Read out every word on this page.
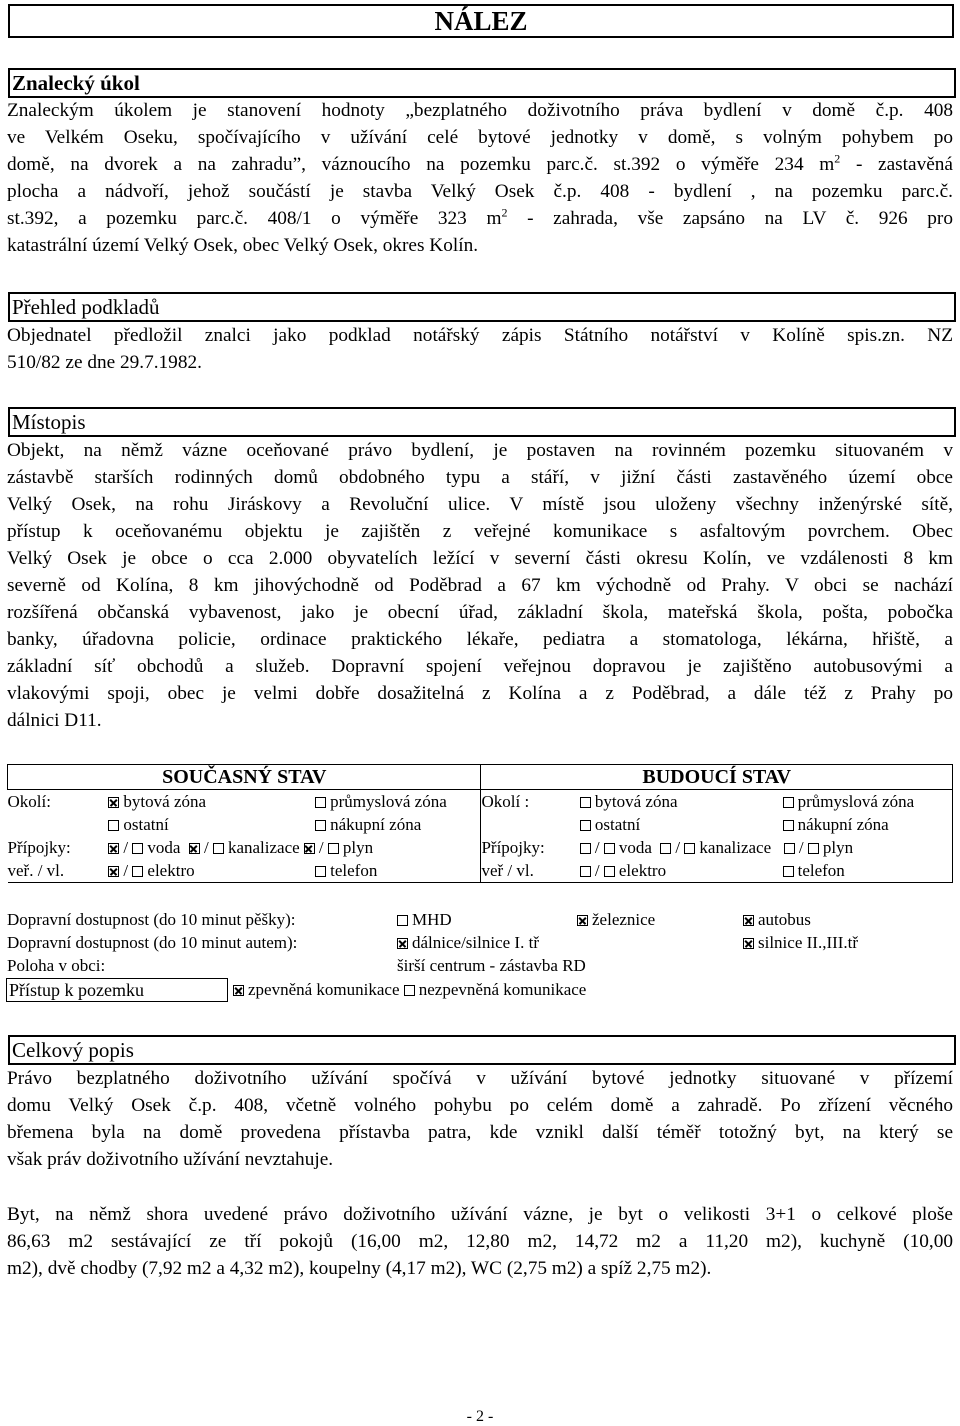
NÁLEZ
Znalecký úkol
Znaleckým úkolem je stanovení hodnoty „bezplatného doživotního práva bydlení v domě č.p. 408
ve Velkém Oseku, spočívajícího v užívání celé bytové jednotky v domě, s volným pohybem po
domě, na dvorek a na zahradu”, váznoucího na pozemku parc.č. st.392 o výměře 234 $m^2$ - zastavěná
plocha a nádvoří, jehož součástí je stavba Velký Osek č.p. 408 - bydlení , na pozemku parc.č.
st.392, a pozemku parc.č. 408/1 o výměře 323 $m^2$ - zahrada, vše zapsáno na LV č. 926 pro
katastrální území Velký Osek, obec Velký Osek, okres Kolín.
Přehled podkladů
Objednatel předložil znalci jako podklad notářský zápis Státního notářství v Kolíně spis.zn. NZ
510/82 ze dne 29.7.1982.
Místopis
Objekt, na němž vázne oceňované právo bydlení, je postaven na rovinném pozemku situovaném v
zástavbě starších rodinných domů obdobného typu a stáří, v jižní části zastavěného území obce
Velký Osek, na rohu Jiráskovy a Revoluční ulice. V místě jsou uloženy všechny inženýrské sítě,
přístup k oceňovanému objektu je zajištěn z veřejné komunikace s asfaltovým povrchem. Obec
Velký Osek je obce o cca 2.000 obyvatelích ležící v severní části okresu Kolín, ve vzdálenosti 8 km
severně od Kolína, 8 km jihovýchodně od Poděbrad a 67 km východně od Prahy. V obci se nachází
rozšířená občanská vybavenost, jako je obecní úřad, základní škola, mateřská škola, pošta, pobočka
banky, úřadovna policie, ordinace praktického lékaře, pediatra a stomatologa, lékárna, hřiště, a
základní síť obchodů a služeb. Dopravní spojení veřejnou dopravou je zajištěno autobusovými a
vlakovými spoji, obec je velmi dobře dosažitelná z Kolína a z Poděbrad, a dále též z Prahy po
dálnici D11.
SOUČASNÝ STAV			BUDOUCÍ STAV		
Okolí:	bytová zóna	průmyslová zóna	Okolí :	bytová zóna	průmyslová zóna
	ostatní	nákupní zóna		ostatní	nákupní zóna
Přípojky:	/ voda / kanalizace / plyn		Přípojky:	/ voda / kanalizace / plyn	
veř. / vl.	/ elektro	telefon	veř / vl.	/ elektro	telefon
Dopravní dostupnost (do 10 minut pěšky):	MHD	železnice	autobus
Dopravní dostupnost (do 10 minut autem):	dálnice/silnice I. tř	silnice II.,III.tř
Poloha v obci:	širší centrum - zástavba RD
Přístup k pozemku	zpevněná komunikace nezpevněná komunikace
Celkový popis
Právo bezplatného doživotního užívání spočívá v užívání bytové jednotky situované v přízemí
domu Velký Osek č.p. 408, včetně volného pohybu po celém domě a zahradě. Po zřízení věcného
břemena byla na domě provedena přístavba patra, kde vznikl další téměř totožný byt, na který se
však práv doživotního užívání nevztahuje.
Byt, na němž shora uvedené právo doživotního užívání vázne, je byt o velikosti 3+1 o celkové ploše
86,63 m2 sestávající ze tří pokojů (16,00 m2, 12,80 m2, 14,72 m2 a 11,20 m2), kuchyně (10,00
m2), dvě chodby (7,92 m2 a 4,32 m2), koupelny (4,17 m2), WC (2,75 m2) a spíž 2,75 m2).
- 2 -
